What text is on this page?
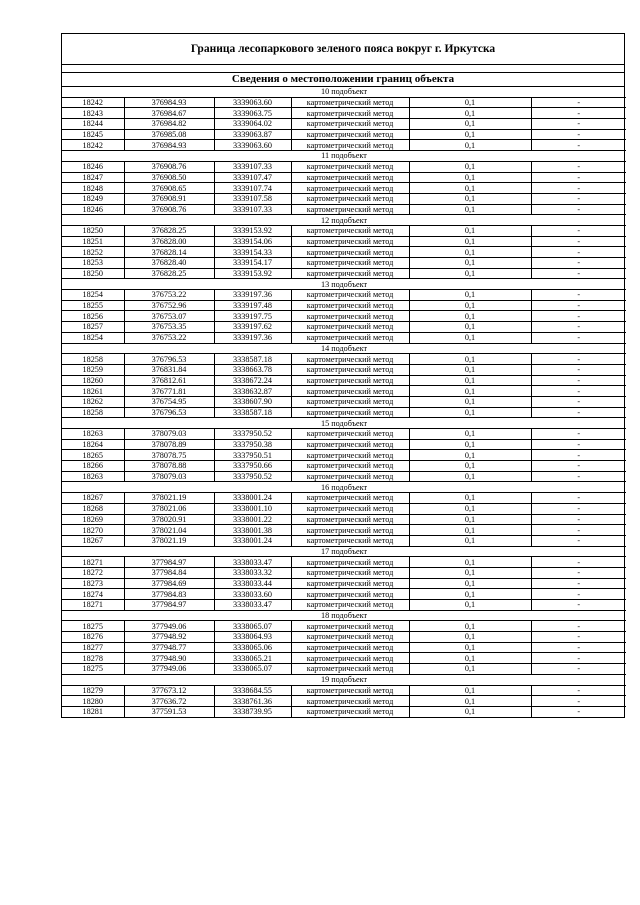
Граница лесопаркового зеленого пояса вокруг г. Иркутска
Сведения о местоположении границ объекта
10 подобъект					
18242	376984.93	3339063.60	картометрический метод	0,1	-
18243	376984.67	3339063.75	картометрический метод	0,1	-
18244	376984.82	3339064.02	картометрический метод	0,1	-
18245	376985.08	3339063.87	картометрический метод	0,1	-
18242	376984.93	3339063.60	картометрический метод	0,1	-
11 подобъект					
18246	376908.76	3339107.33	картометрический метод	0,1	-
18247	376908.50	3339107.47	картометрический метод	0,1	-
18248	376908.65	3339107.74	картометрический метод	0,1	-
18249	376908.91	3339107.58	картометрический метод	0,1	-
18246	376908.76	3339107.33	картометрический метод	0,1	-
12 подобъект					
18250	376828.25	3339153.92	картометрический метод	0,1	-
18251	376828.00	3339154.06	картометрический метод	0,1	-
18252	376828.14	3339154.33	картометрический метод	0,1	-
18253	376828.40	3339154.17	картометрический метод	0,1	-
18250	376828.25	3339153.92	картометрический метод	0,1	-
13 подобъект					
18254	376753.22	3339197.36	картометрический метод	0,1	-
18255	376752.96	3339197.48	картометрический метод	0,1	-
18256	376753.07	3339197.75	картометрический метод	0,1	-
18257	376753.35	3339197.62	картометрический метод	0,1	-
18254	376753.22	3339197.36	картометрический метод	0,1	-
14 подобъект					
18258	376796.53	3338587.18	картометрический метод	0,1	-
18259	376831.84	3338663.78	картометрический метод	0,1	-
18260	376812.61	3338672.24	картометрический метод	0,1	-
18261	376771.81	3338632.87	картометрический метод	0,1	-
18262	376754.95	3338607.90	картометрический метод	0,1	-
18258	376796.53	3338587.18	картометрический метод	0,1	-
15 подобъект					
18263	378079.03	3337950.52	картометрический метод	0,1	-
18264	378078.89	3337950.38	картометрический метод	0,1	-
18265	378078.75	3337950.51	картометрический метод	0,1	-
18266	378078.88	3337950.66	картометрический метод	0,1	-
18263	378079.03	3337950.52	картометрический метод	0,1	-
16 подобъект					
18267	378021.19	3338001.24	картометрический метод	0,1	-
18268	378021.06	3338001.10	картометрический метод	0,1	-
18269	378020.91	3338001.22	картометрический метод	0,1	-
18270	378021.04	3338001.38	картометрический метод	0,1	-
18267	378021.19	3338001.24	картометрический метод	0,1	-
17 подобъект					
18271	377984.97	3338033.47	картометрический метод	0,1	-
18272	377984.84	3338033.32	картометрический метод	0,1	-
18273	377984.69	3338033.44	картометрический метод	0,1	-
18274	377984.83	3338033.60	картометрический метод	0,1	-
18271	377984.97	3338033.47	картометрический метод	0,1	-
18 подобъект					
18275	377949.06	3338065.07	картометрический метод	0,1	-
18276	377948.92	3338064.93	картометрический метод	0,1	-
18277	377948.77	3338065.06	картометрический метод	0,1	-
18278	377948.90	3338065.21	картометрический метод	0,1	-
18275	377949.06	3338065.07	картометрический метод	0,1	-
19 подобъект					
18279	377673.12	3338684.55	картометрический метод	0,1	-
18280	377636.72	3338761.36	картометрический метод	0,1	-
18281	377591.53	3338739.95	картометрический метод	0,1	-
